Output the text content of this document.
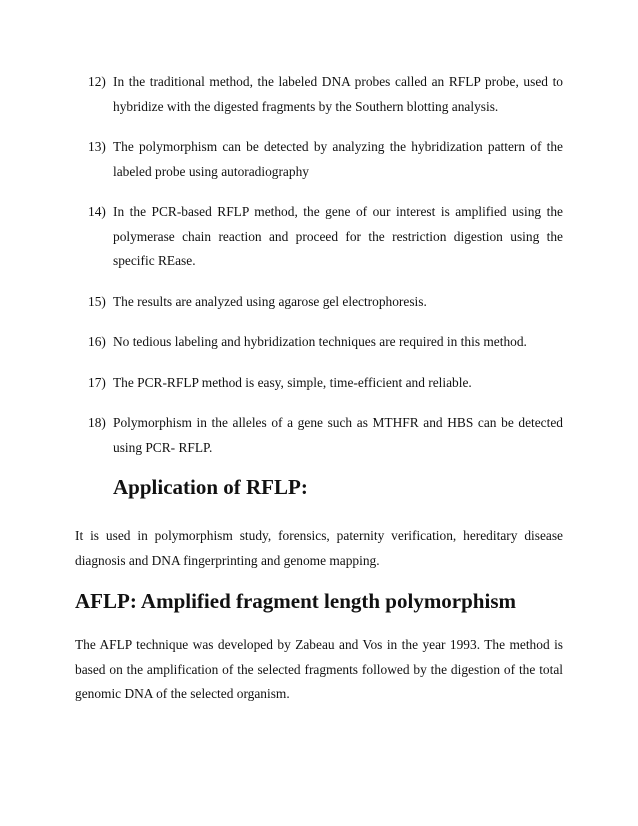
12) In the traditional method, the labeled DNA probes called an RFLP probe, used to hybridize with the digested fragments by the Southern blotting analysis.
13) The polymorphism can be detected by analyzing the hybridization pattern of the labeled probe using autoradiography
14) In the PCR-based RFLP method, the gene of our interest is amplified using the polymerase chain reaction and proceed for the restriction digestion using the specific REase.
15) The results are analyzed using agarose gel electrophoresis.
16) No tedious labeling and hybridization techniques are required in this method.
17) The PCR-RFLP method is easy, simple, time-efficient and reliable.
18) Polymorphism in the alleles of a gene such as MTHFR and HBS can be detected using PCR- RFLP.
Application of RFLP:

It is used in polymorphism study, forensics, paternity verification, hereditary disease diagnosis and DNA fingerprinting and genome mapping.

AFLP: Amplified fragment length polymorphism

The AFLP technique was developed by Zabeau and Vos in the year 1993. The method is based on the amplification of the selected fragments followed by the digestion of the total genomic DNA of the selected organism.
